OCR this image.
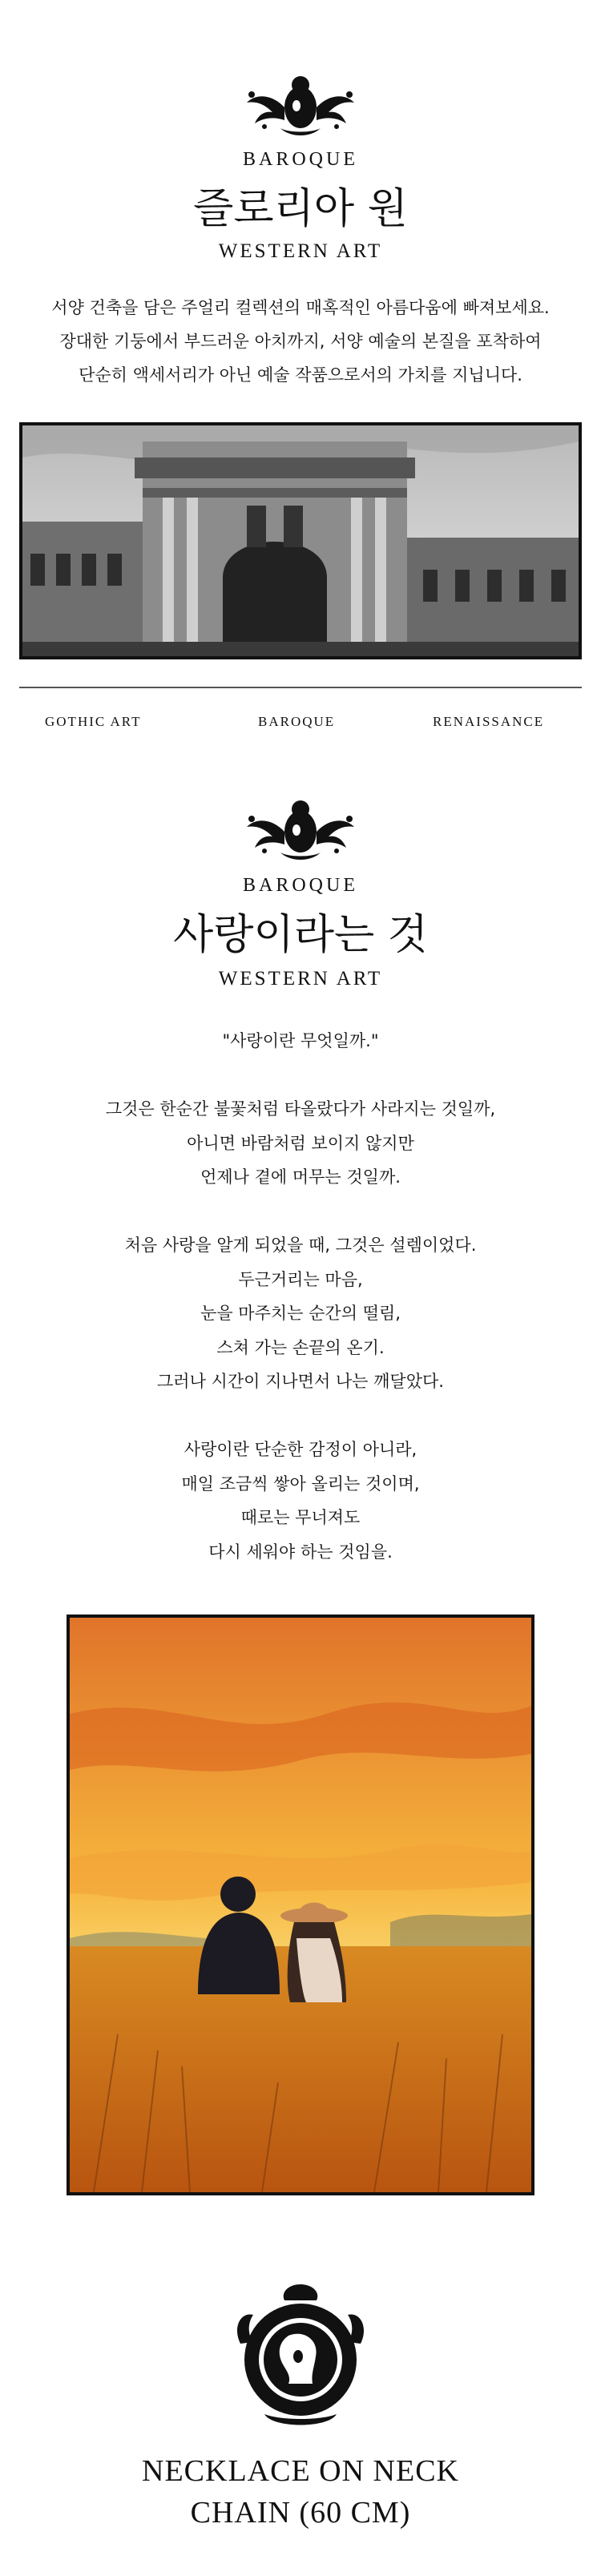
BAROQUE
즐로리아 원
WESTERN ART
서양 건축을 담은 주얼리 컬렉션의 매혹적인 아름다움에 빠져보세요.
장대한 기둥에서 부드러운 아치까지, 서양 예술의 본질을 포착하여
단순히 액세서리가 아닌 예술 작품으로서의 가치를 지닙니다.
GOTHIC ART	BAROQUE	RENAISSANCE
BAROQUE
사랑이라는 것
WESTERN ART
"사랑이란 무엇일까."
그것은 한순간 불꽃처럼 타올랐다가 사라지는 것일까,
아니면 바람처럼 보이지 않지만
언제나 곁에 머무는 것일까.
처음 사랑을 알게 되었을 때, 그것은 설렘이었다.
두근거리는 마음,
눈을 마주치는 순간의 떨림,
스쳐 가는 손끝의 온기.
그러나 시간이 지나면서 나는 깨달았다.
사랑이란 단순한 감정이 아니라,
매일 조금씩 쌓아 올리는 것이며,
때로는 무너져도
다시 세워야 하는 것임을.
NECKLACE ON NECK
CHAIN (60 CM)
